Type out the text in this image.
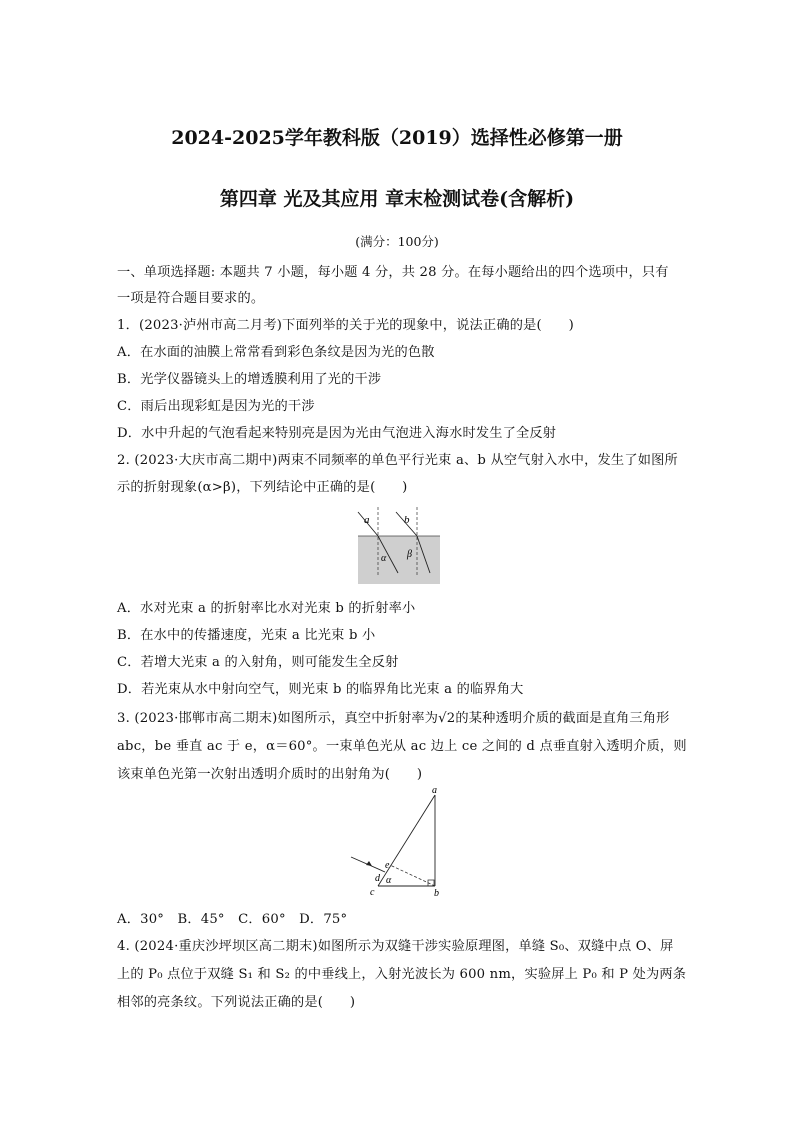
2024-2025学年教科版（2019）选择性必修第一册
第四章 光及其应用 章末检测试卷(含解析)
(满分：100分)
一、单项选择题: 本题共 7 小题，每小题 4 分，共 28 分。在每小题给出的四个选项中，只有
一项是符合题目要求的。
1．(2023·泸州市高二月考)下面列举的关于光的现象中，说法正确的是(　　)
A．在水面的油膜上常常看到彩色条纹是因为光的色散
B．光学仪器镜头上的增透膜利用了光的干涉
C．雨后出现彩虹是因为光的干涉
D．水中升起的气泡看起来特别亮是因为光由气泡进入海水时发生了全反射
2. (2023·大庆市高二期中)两束不同频率的单色平行光束 a、b 从空气射入水中，发生了如图所
示的折射现象(α>β)，下列结论中正确的是(　　)
a	b
α β
A．水对光束 a 的折射率比水对光束 b 的折射率小
B．在水中的传播速度，光束 a 比光束 b 小
C．若增大光束 a 的入射角，则可能发生全反射
D．若光束从水中射向空气，则光束 b 的临界角比光束 a 的临界角大
3. (2023·邯郸市高二期末)如图所示，真空中折射率为√2的某种透明介质的截面是直角三角形
abc，be 垂直 ac 于 e，α＝60°。一束单色光从 ac 边上 ce 之间的 d 点垂直射入透明介质，则
该束单色光第一次射出透明介质时的出射角为(　　)
a
b
c
d
e
α
A．30°　B．45°　C．60°　D．75°
4. (2024·重庆沙坪坝区高二期末)如图所示为双缝干涉实验原理图，单缝 S₀、双缝中点 O、屏
上的 P₀ 点位于双缝 S₁ 和 S₂ 的中垂线上，入射光波长为 600 nm，实验屏上 P₀ 和 P 处为两条
相邻的亮条纹。下列说法正确的是(　　)
